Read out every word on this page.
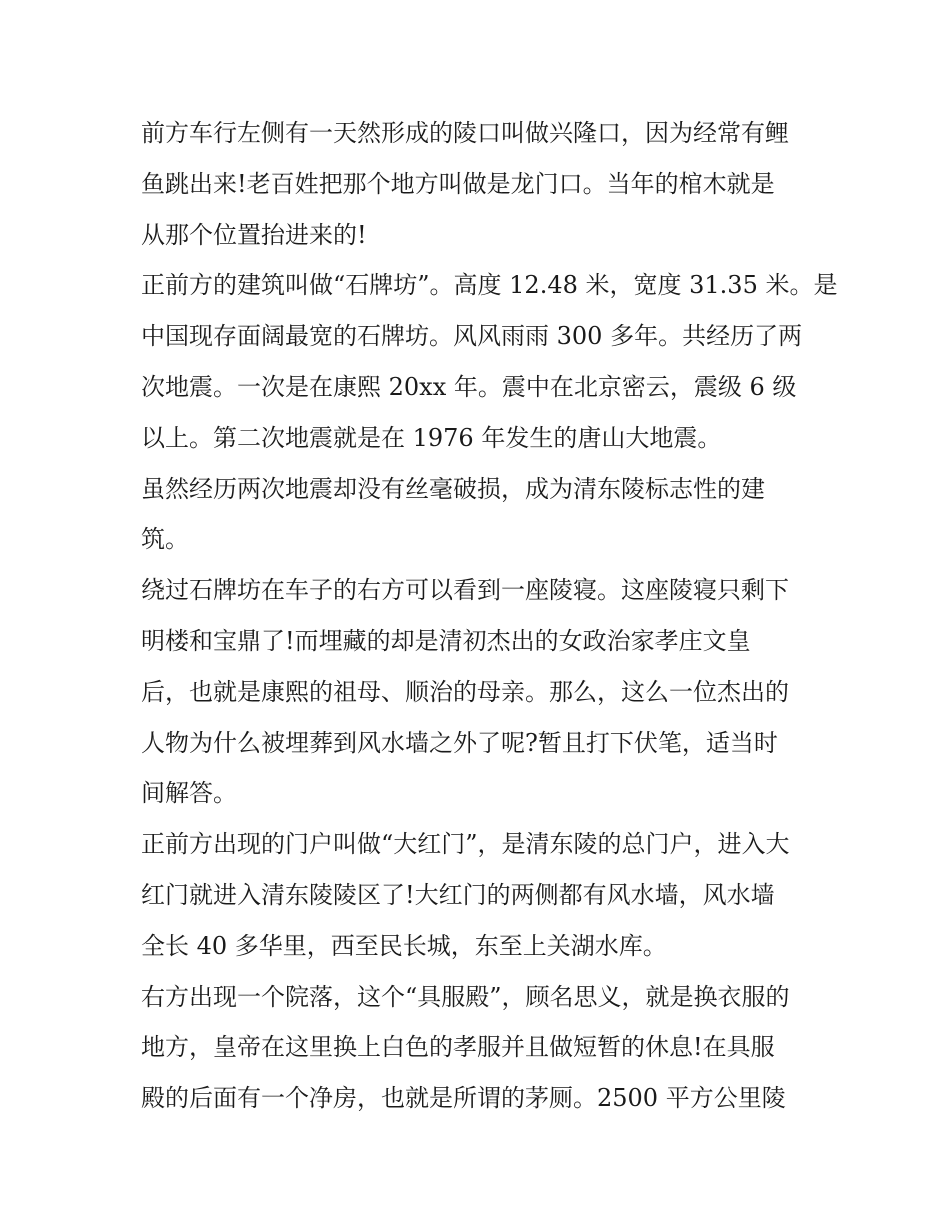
前方车行左侧有一天然形成的陵口叫做兴隆口，因为经常有鲤
鱼跳出来!老百姓把那个地方叫做是龙门口。当年的棺木就是
从那个位置抬进来的!
正前方的建筑叫做“石牌坊”。高度 12.48 米，宽度 31.35 米。是
中国现存面阔最宽的石牌坊。风风雨雨 300 多年。共经历了两
次地震。一次是在康熙 20xx 年。震中在北京密云，震级 6 级
以上。第二次地震就是在 1976 年发生的唐山大地震。
虽然经历两次地震却没有丝毫破损，成为清东陵标志性的建
筑。
绕过石牌坊在车子的右方可以看到一座陵寝。这座陵寝只剩下
明楼和宝鼎了!而埋藏的却是清初杰出的女政治家孝庄文皇
后，也就是康熙的祖母、顺治的母亲。那么，这么一位杰出的
人物为什么被埋葬到风水墙之外了呢?暂且打下伏笔，适当时
间解答。
正前方出现的门户叫做“大红门”，是清东陵的总门户，进入大
红门就进入清东陵陵区了!大红门的两侧都有风水墙，风水墙
全长 40 多华里，西至民长城，东至上关湖水库。
右方出现一个院落，这个“具服殿”，顾名思义，就是换衣服的
地方，皇帝在这里换上白色的孝服并且做短暂的休息!在具服
殿的后面有一个净房，也就是所谓的茅厕。2500 平方公里陵
